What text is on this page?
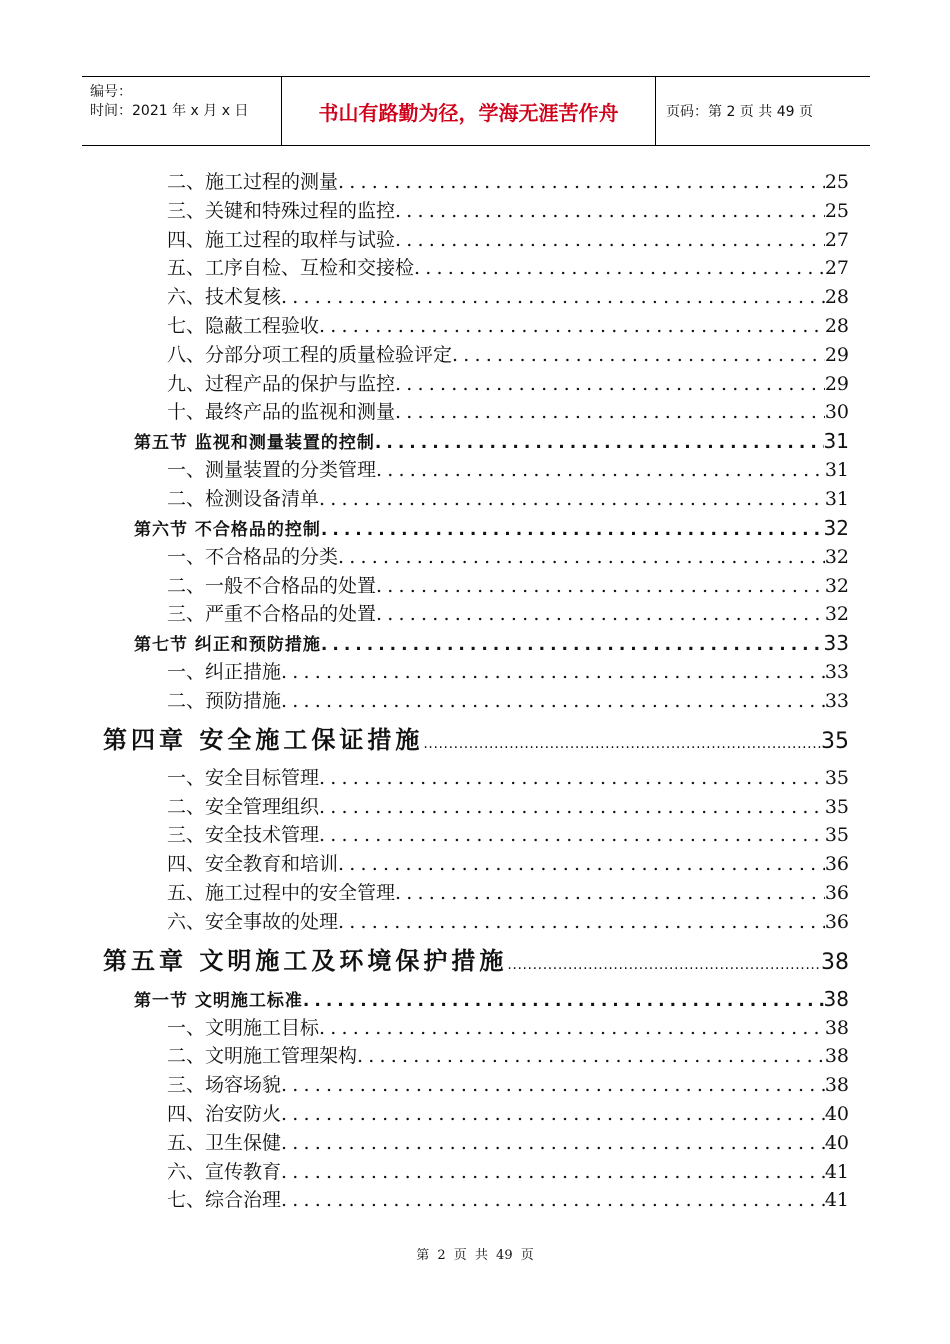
编号：
时间：2021 年 x 月 x 日	书山有路勤为径，学海无涯苦作舟	页码：第 2 页 共 49 页
二、施工过程的测量 .....	25
三、关键和特殊过程的监控 .....	25
四、施工过程的取样与试验 .....	27
五、工序自检、互检和交接检 .....	27
六、技术复核 .....	28
七、隐蔽工程验收 .....	28
八、分部分项工程的质量检验评定 .....	29
九、过程产品的保护与监控 .....	29
十、最终产品的监视和测量 .....	30
第五节 监视和测量装置的控制 .....	31
一、测量装置的分类管理 .....	31
二、检测设备清单 .....	31
第六节 不合格品的控制 .....	32
一、不合格品的分类 .....	32
二、一般不合格品的处置 .....	32
三、严重不合格品的处置 .....	32
第七节 纠正和预防措施 .....	33
一、纠正措施 .....	33
二、预防措施 .....	33
第四章 安全施工保证措施 .....	35
一、安全目标管理 .....	35
二、安全管理组织 .....	35
三、安全技术管理 .....	35
四、安全教育和培训 .....	36
五、施工过程中的安全管理 .....	36
六、安全事故的处理 .....	36
第五章 文明施工及环境保护措施 .....	38
第一节 文明施工标准 .....	38
一、文明施工目标 .....	38
二、文明施工管理架构 .....	38
三、场容场貌 .....	38
四、治安防火 .....	40
五、卫生保健 .....	40
六、宣传教育 .....	41
七、综合治理 .....	41
第 2 页 共 49 页
